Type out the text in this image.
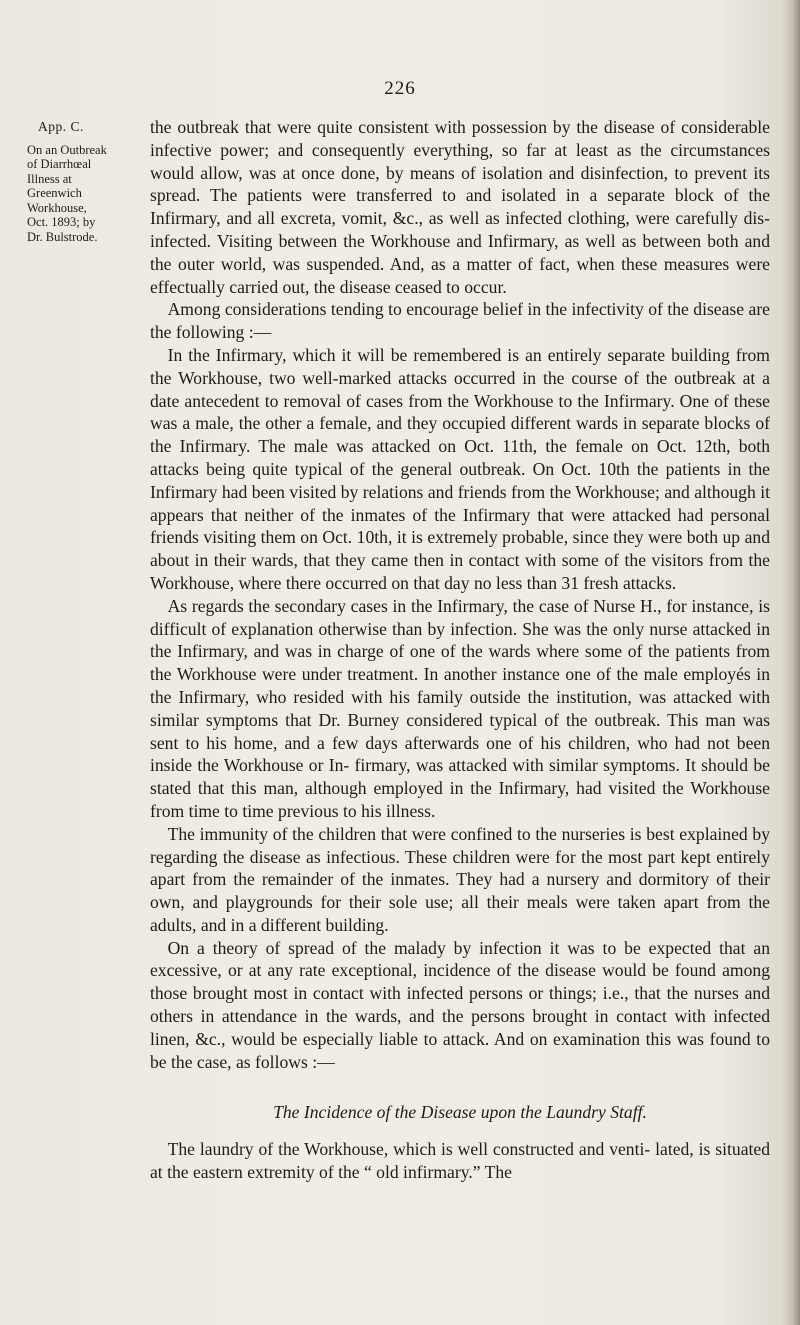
226
App. C.
On an Outbreak
of Diarrhœal
Illness at
Greenwich
Workhouse,
Oct. 1893; by
Dr. Bulstrode.

the outbreak that were quite consistent with possession by the disease of considerable infective power; and consequently everything, so far at least as the circumstances would allow, was at once done, by means of isolation and disinfection, to prevent its spread. The patients were transferred to and isolated in a separate block of the Infirmary, and all excreta, vomit, &c., as well as infected clothing, were carefully dis- infected. Visiting between the Workhouse and Infirmary, as well as between both and the outer world, was suspended. And, as a matter of fact, when these measures were effectually carried out, the disease ceased to occur.

Among considerations tending to encourage belief in the infectivity of the disease are the following :—

In the Infirmary, which it will be remembered is an entirely separate building from the Workhouse, two well-marked attacks occurred in the course of the outbreak at a date antecedent to removal of cases from the Workhouse to the Infirmary. One of these was a male, the other a female, and they occupied different wards in separate blocks of the Infirmary. The male was attacked on Oct. 11th, the female on Oct. 12th, both attacks being quite typical of the general outbreak. On Oct. 10th the patients in the Infirmary had been visited by relations and friends from the Workhouse; and although it appears that neither of the inmates of the Infirmary that were attacked had personal friends visiting them on Oct. 10th, it is extremely probable, since they were both up and about in their wards, that they came then in contact with some of the visitors from the Workhouse, where there occurred on that day no less than 31 fresh attacks.

As regards the secondary cases in the Infirmary, the case of Nurse H., for instance, is difficult of explanation otherwise than by infection. She was the only nurse attacked in the Infirmary, and was in charge of one of the wards where some of the patients from the Workhouse were under treatment. In another instance one of the male employés in the Infirmary, who resided with his family outside the institution, was attacked with similar symptoms that Dr. Burney considered typical of the outbreak. This man was sent to his home, and a few days afterwards one of his children, who had not been inside the Workhouse or In- firmary, was attacked with similar symptoms. It should be stated that this man, although employed in the Infirmary, had visited the Workhouse from time to time previous to his illness.

The immunity of the children that were confined to the nurseries is best explained by regarding the disease as infectious. These children were for the most part kept entirely apart from the remainder of the inmates. They had a nursery and dormitory of their own, and playgrounds for their sole use; all their meals were taken apart from the adults, and in a different building.

On a theory of spread of the malady by infection it was to be expected that an excessive, or at any rate exceptional, incidence of the disease would be found among those brought most in contact with infected persons or things; i.e., that the nurses and others in attendance in the wards, and the persons brought in contact with infected linen, &c., would be especially liable to attack. And on examination this was found to be the case, as follows :—

The Incidence of the Disease upon the Laundry Staff.

The laundry of the Workhouse, which is well constructed and venti- lated, is situated at the eastern extremity of the “ old infirmary.” The
